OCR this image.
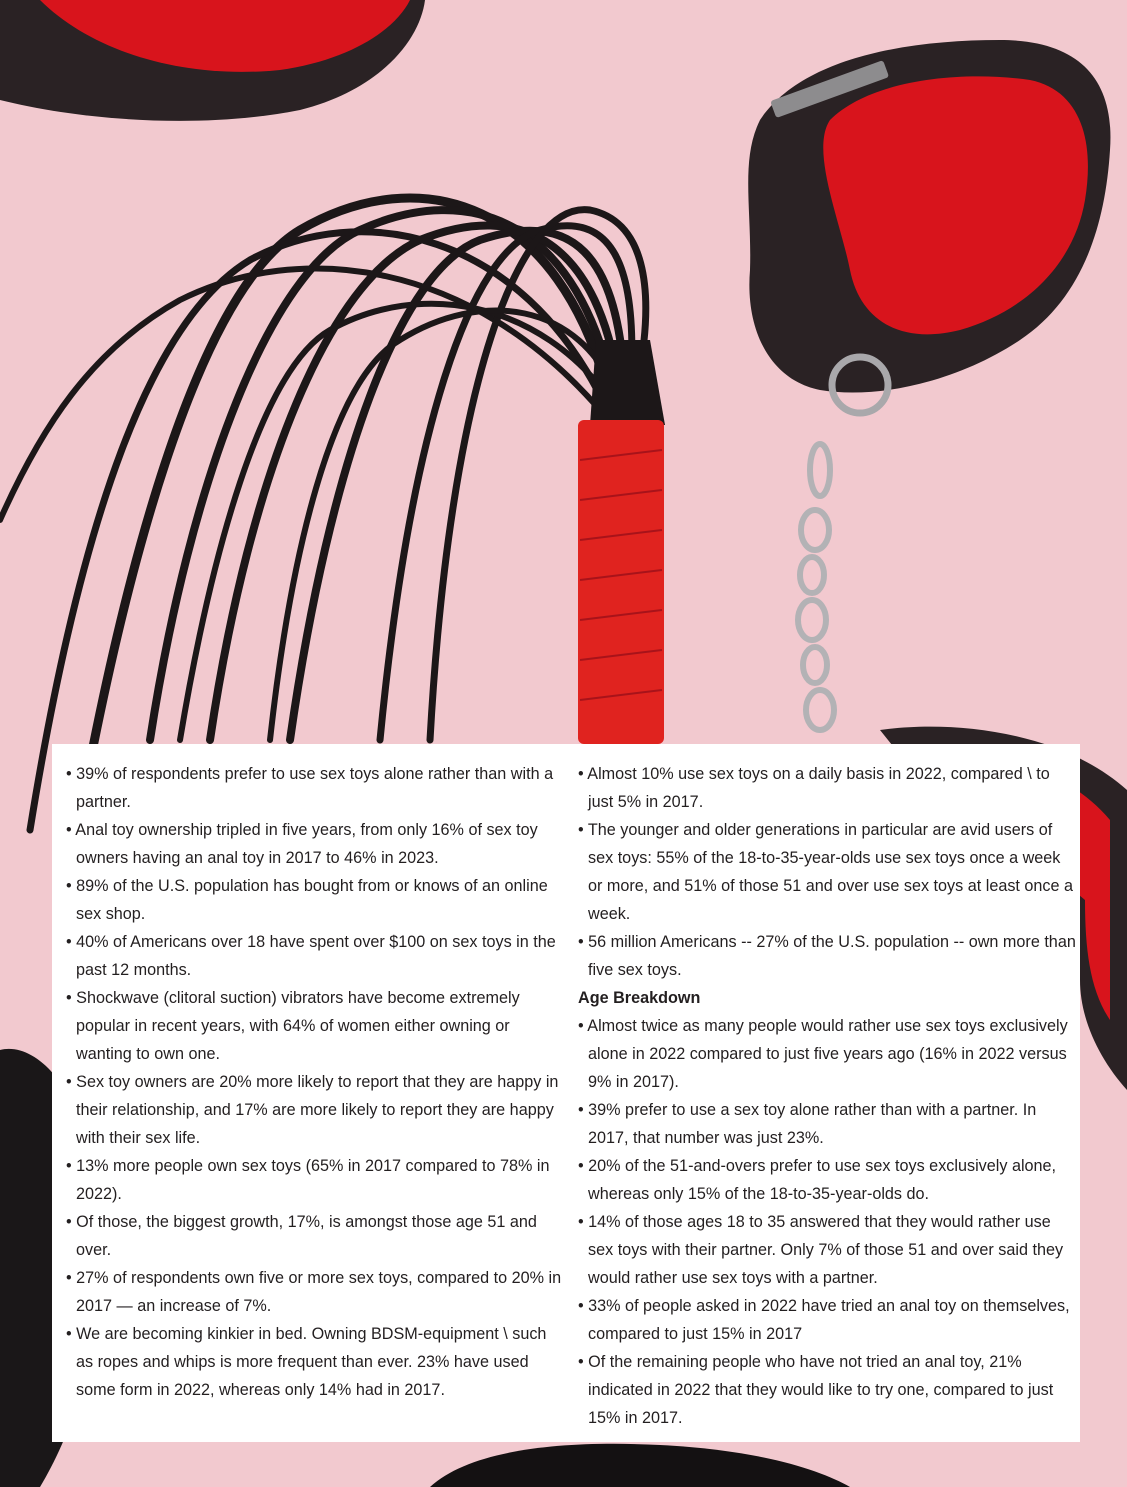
• 39% of respondents prefer to use sex toys alone rather than with a partner.

• Anal toy ownership tripled in five years, from only 16% of sex toy owners having an anal toy in 2017 to 46% in 2023.

• 89% of the U.S. population has bought from or knows of an online sex shop.

• 40% of Americans over 18 have spent over $100 on sex toys in the past 12 months.

• Shockwave (clitoral suction) vibrators have become extremely popular in recent years, with 64% of women either owning or wanting to own one.

• Sex toy owners are 20% more likely to report that they are happy in their relationship, and 17% are more likely to report they are happy with their sex life.

• 13% more people own sex toys (65% in 2017 compared to 78% in 2022).

• Of those, the biggest growth, 17%, is amongst those age 51 and over.

• 27% of respondents own five or more sex toys, compared to 20% in 2017 — an increase of 7%.

• We are becoming kinkier in bed. Owning BDSM-equipment \ such as ropes and whips is more frequent than ever. 23% have used some form in 2022, whereas only 14% had in 2017.

• Almost 10% use sex toys on a daily basis in 2022, compared \ to just 5% in 2017.

• The younger and older generations in particular are avid users of sex toys: 55% of the 18-to-35-year-olds use sex toys once a week or more, and 51% of those 51 and over use sex toys at least once a week.

• 56 million Americans -- 27% of the U.S. population -- own more than five sex toys.

Age Breakdown

• Almost twice as many people would rather use sex toys exclusively alone in 2022 compared to just five years ago (16% in 2022 versus 9% in 2017).

• 39% prefer to use a sex toy alone rather than with a partner. In 2017, that number was just 23%.

• 20% of the 51-and-overs prefer to use sex toys exclusively alone, whereas only 15% of the 18-to-35-year-olds do.

• 14% of those ages 18 to 35 answered that they would rather use sex toys with their partner. Only 7% of those 51 and over said they would rather use sex toys with a partner.

• 33% of people asked in 2022 have tried an anal toy on themselves, compared to just 15% in 2017

• Of the remaining people who have not tried an anal toy, 21% indicated in 2022 that they would like to try one, compared to just 15% in 2017.
